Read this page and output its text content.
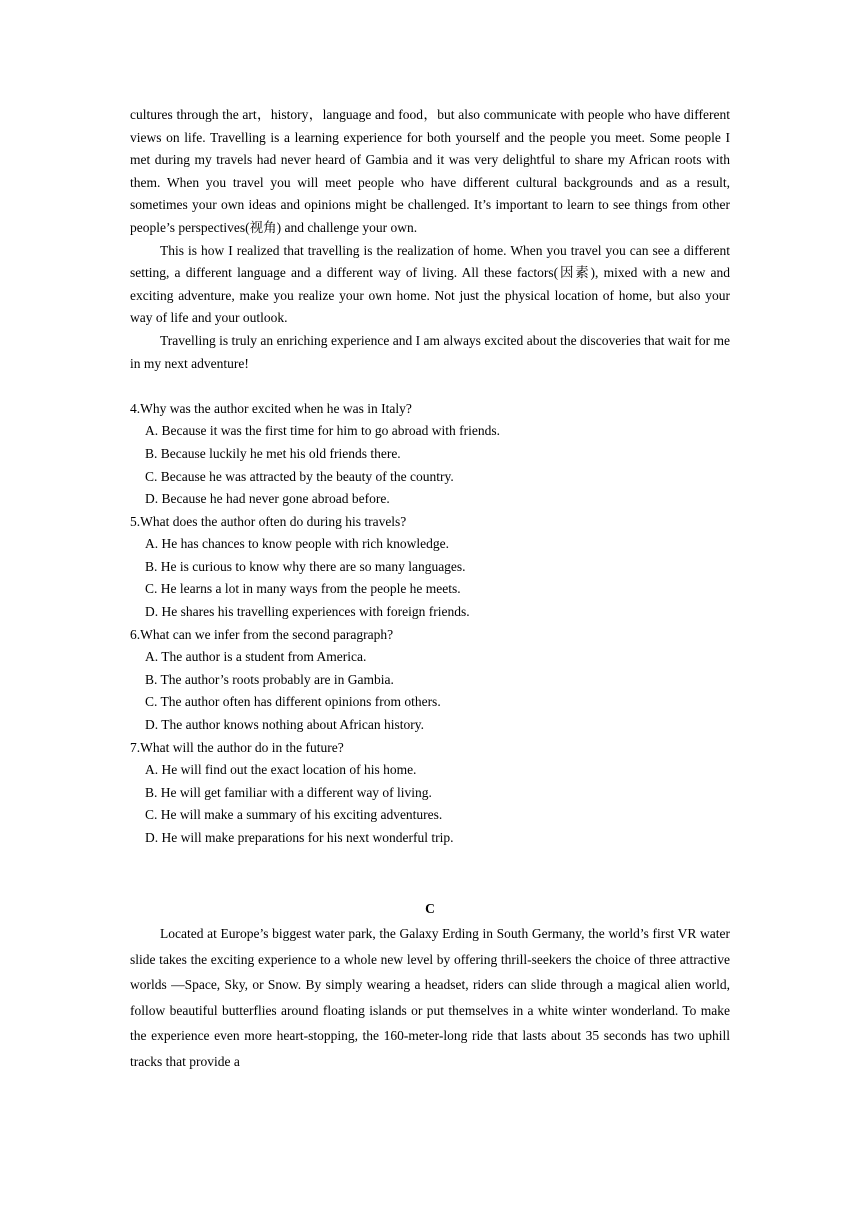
cultures through the art，history，language and food，but also communicate with people who have different views on life. Travelling is a learning experience for both yourself and the people you meet. Some people I met during my travels had never heard of Gambia and it was very delightful to share my African roots with them. When you travel you will meet people who have different cultural backgrounds and as a result, sometimes your own ideas and opinions might be challenged. It’s important to learn to see things from other people’s perspectives(视角) and challenge your own.

This is how I realized that travelling is the realization of home. When you travel you can see a different setting, a different language and a different way of living. All these factors(因素), mixed with a new and exciting adventure, make you realize your own home. Not just the physical location of home, but also your way of life and your outlook.

Travelling is truly an enriching experience and I am always excited about the discoveries that wait for me in my next adventure!

4.Why was the author excited when he was in Italy?

A. Because it was the first time for him to go abroad with friends.

B. Because luckily he met his old friends there.

C. Because he was attracted by the beauty of the country.

D. Because he had never gone abroad before.

5.What does the author often do during his travels?

A. He has chances to know people with rich knowledge.

B. He is curious to know why there are so many languages.

C. He learns a lot in many ways from the people he meets.

D. He shares his travelling experiences with foreign friends.

6.What can we infer from the second paragraph?

A. The author is a student from America.

B. The author’s roots probably are in Gambia.

C. The author often has different opinions from others.

D. The author knows nothing about African history.

7.What will the author do in the future?

A. He will find out the exact location of his home.

B. He will get familiar with a different way of living.

C. He will make a summary of his exciting adventures.

D. He will make preparations for his next wonderful trip.

C

Located at Europe’s biggest water park, the Galaxy Erding in South Germany, the world’s first VR water slide takes the exciting experience to a whole new level by offering thrill-seekers the choice of three attractive worlds —Space, Sky, or Snow. By simply wearing a headset, riders can slide through a magical alien world, follow beautiful butterflies around floating islands or put themselves in a white winter wonderland. To make the experience even more heart-stopping, the 160-meter-long ride that lasts about 35 seconds has two uphill tracks that provide a
